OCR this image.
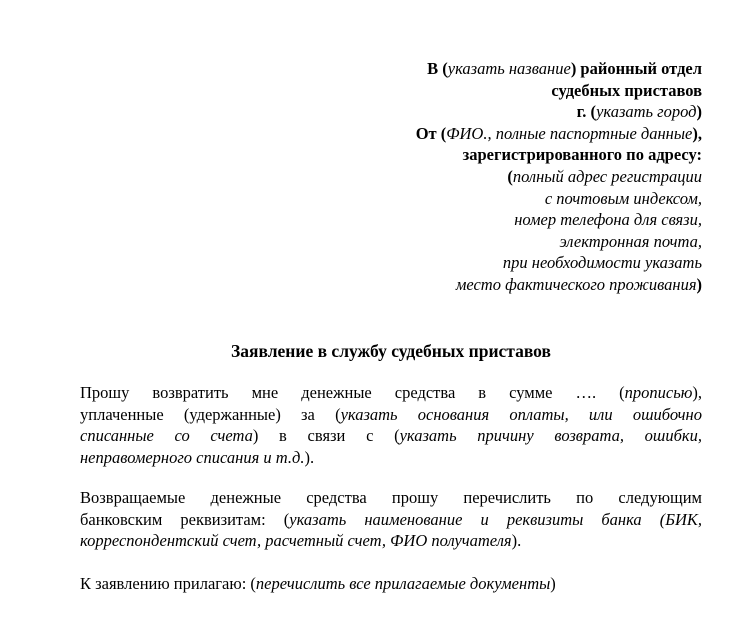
В (указать название) районный отдел
судебных приставов
г. (указать город)
От (ФИО., полные паспортные данные),
зарегистрированного по адресу:
(полный адрес регистрации
с почтовым индексом,
номер телефона для связи,
электронная почта,
при необходимости указать
место фактического проживания)
Заявление в службу судебных приставов

Прошу возвратить мне денежные средства в сумме …. (прописью),
уплаченные (удержанные) за (указать основания оплаты, или ошибочно
списанные со счета) в связи с (указать причину возврата, ошибки,
неправомерного списания и т.д.).

Возвращаемые денежные средства прошу перечислить по следующим
банковским реквизитам: (указать наименование и реквизиты банка (БИК,
корреспондентский счет, расчетный счет, ФИО получателя).

К заявлению прилагаю: (перечислить все прилагаемые документы)
